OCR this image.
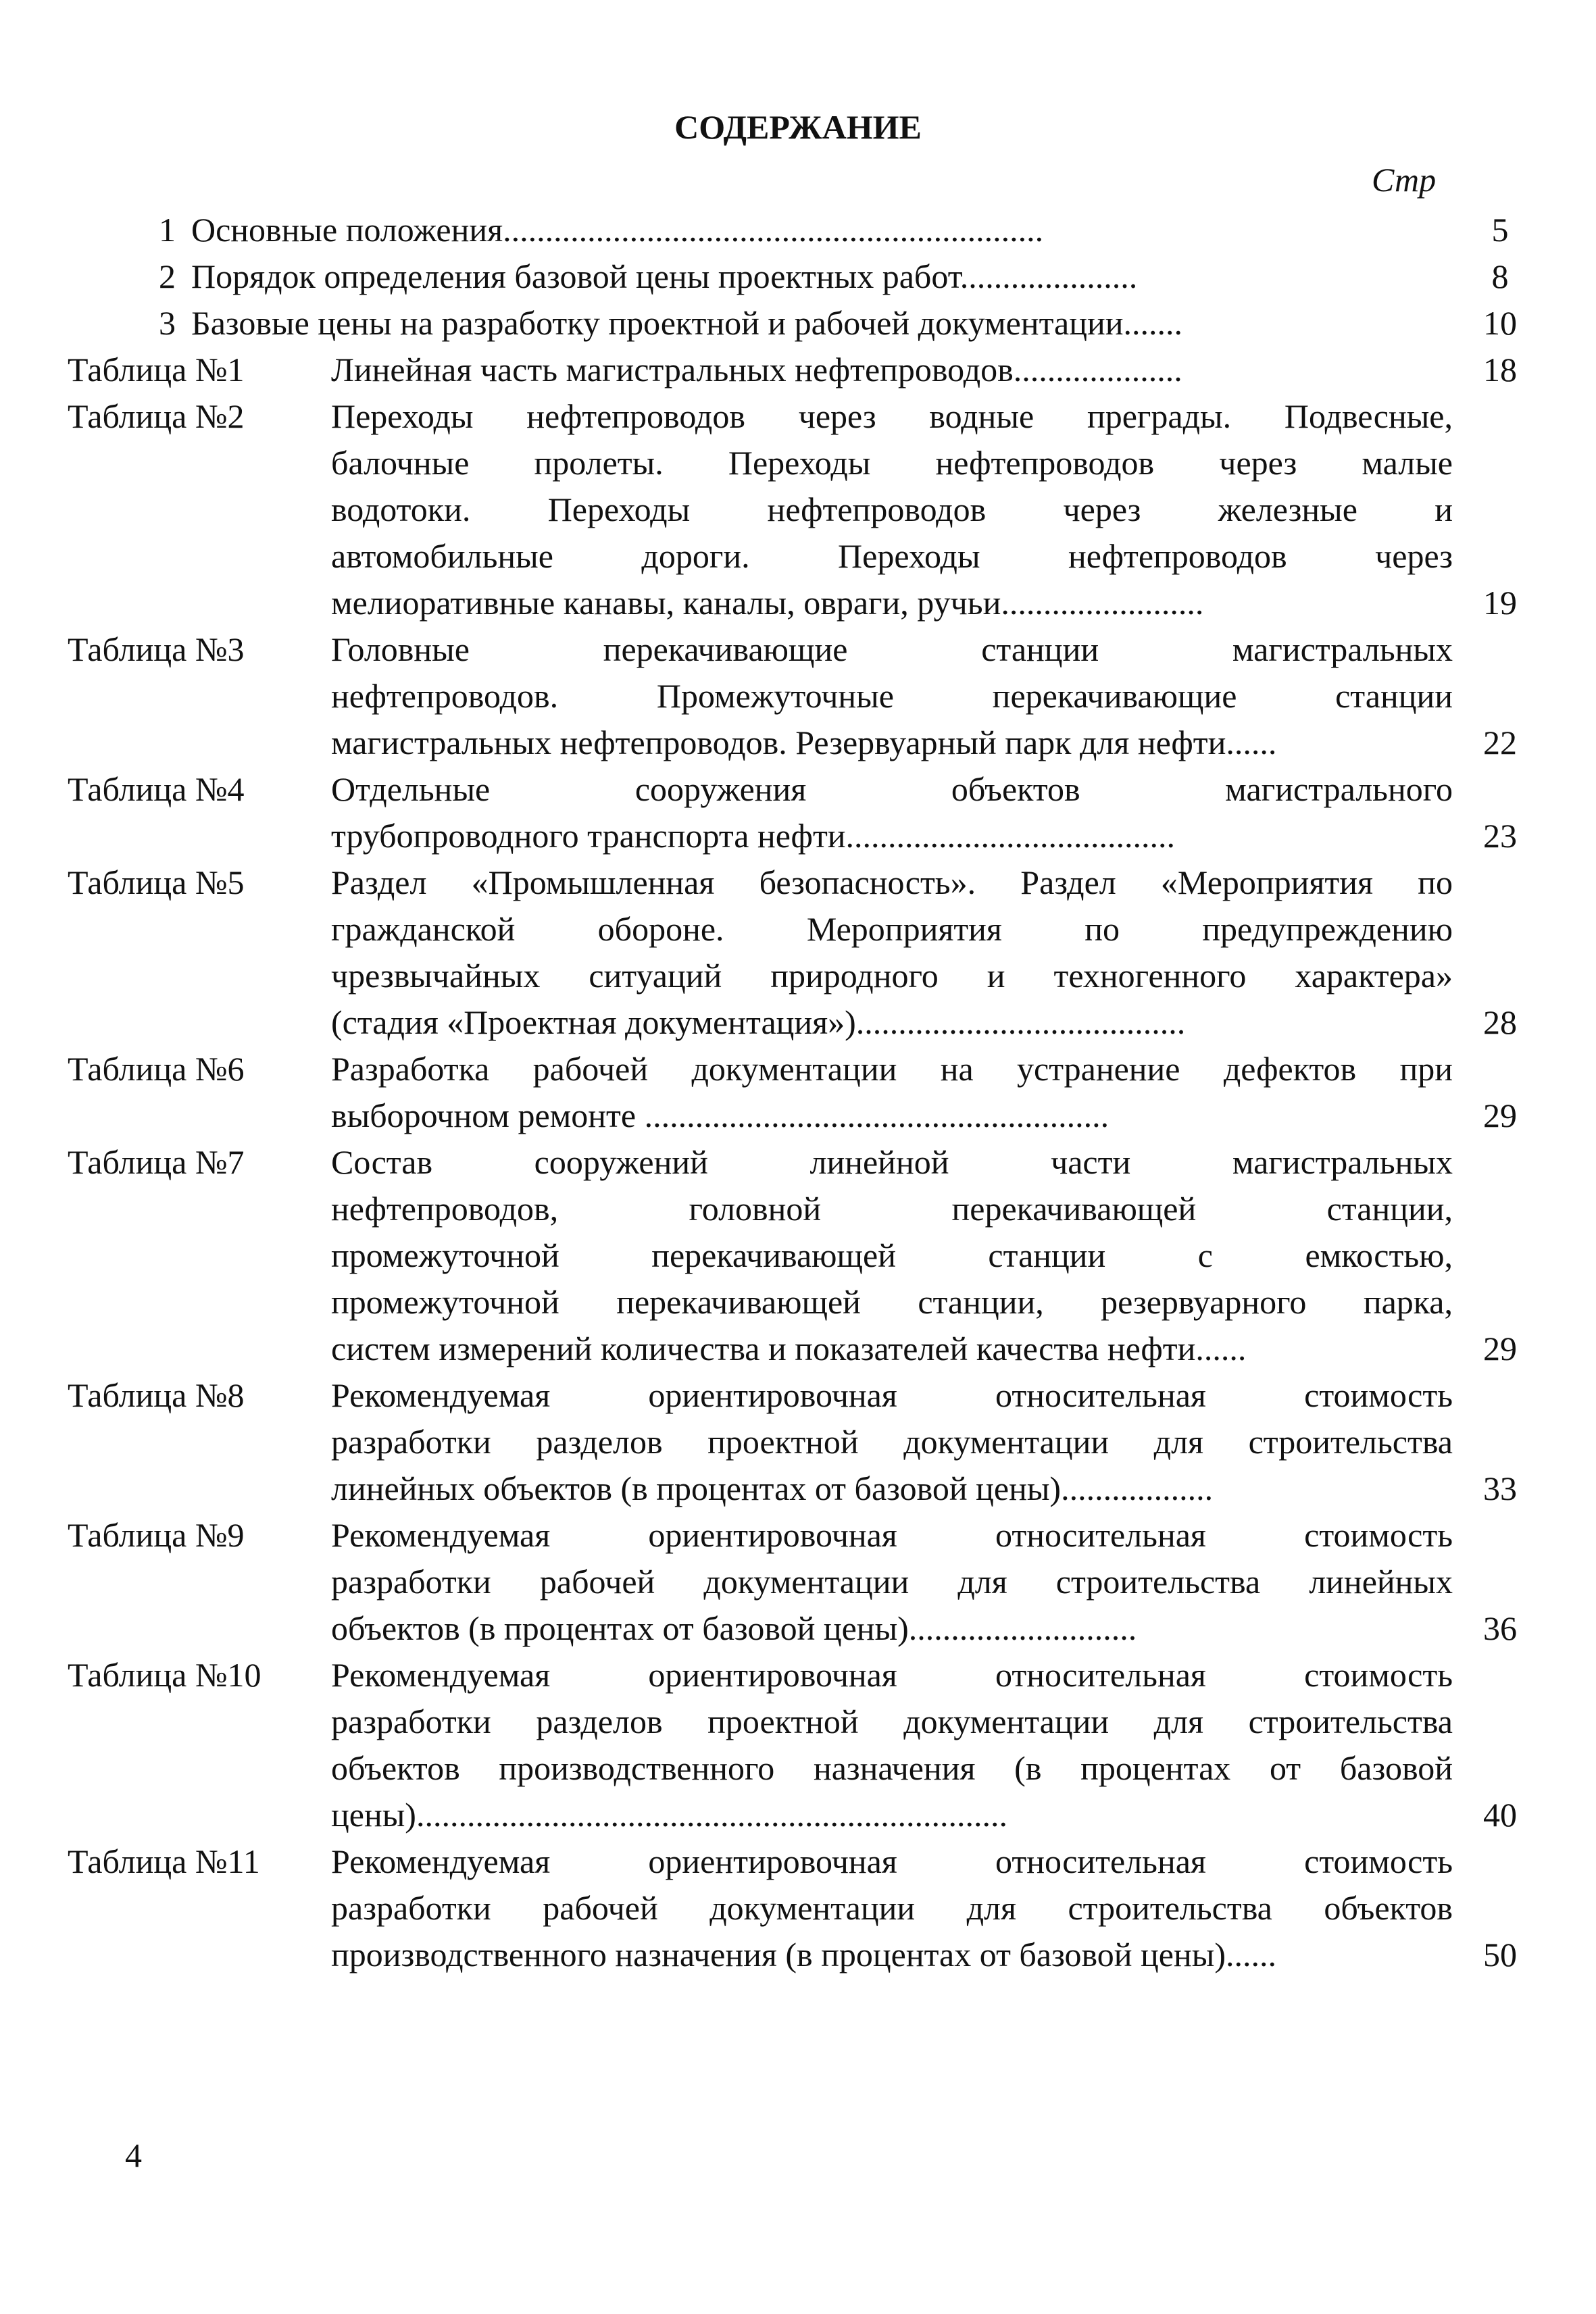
СОДЕРЖАНИЕ
Стр
1 Основные положения................................................................	5
2 Порядок определения базовой цены проектных работ.....................	8
3 Базовые цены на разработку проектной и рабочей документации.......	10
Таблица №1	Линейная часть магистральных нефтепроводов....................	18
Таблица №2	Переходы нефтепроводов через водные преграды. Подвесные,
балочные пролеты. Переходы нефтепроводов через малые
водотоки. Переходы нефтепроводов через железные и
автомобильные дороги. Переходы нефтепроводов через
мелиоративные канавы, каналы, овраги, ручьи........................	19
Таблица №3	Головные перекачивающие станции магистральных
нефтепроводов. Промежуточные перекачивающие станции
магистральных нефтепроводов. Резервуарный парк для нефти......	22
Таблица №4	Отдельные сооружения объектов магистрального
трубопроводного транспорта нефти.......................................	23
Таблица №5	Раздел «Промышленная безопасность». Раздел «Мероприятия по
гражданской обороне. Мероприятия по предупреждению
чрезвычайных ситуаций природного и техногенного характера»
(стадия «Проектная документация»).......................................	28
Таблица №6	Разработка рабочей документации на устранение дефектов при
выборочном ремонте .......................................................	29
Таблица №7	Состав сооружений линейной части магистральных
нефтепроводов, головной перекачивающей станции,
промежуточной перекачивающей станции с емкостью,
промежуточной перекачивающей станции, резервуарного парка,
систем измерений количества и показателей качества нефти......	29
Таблица №8	Рекомендуемая ориентировочная относительная стоимость
разработки разделов проектной документации для строительства
линейных объектов (в процентах от базовой цены)..................	33
Таблица №9	Рекомендуемая ориентировочная относительная стоимость
разработки рабочей документации для строительства линейных
объектов (в процентах от базовой цены)...........................	36
Таблица №10	Рекомендуемая ориентировочная относительная стоимость
разработки разделов проектной документации для строительства
объектов производственного назначения (в процентах от базовой
цены)......................................................................	40
Таблица №11	Рекомендуемая ориентировочная относительная стоимость
разработки рабочей документации для строительства объектов
производственного назначения (в процентах от базовой цены)......	50
4
